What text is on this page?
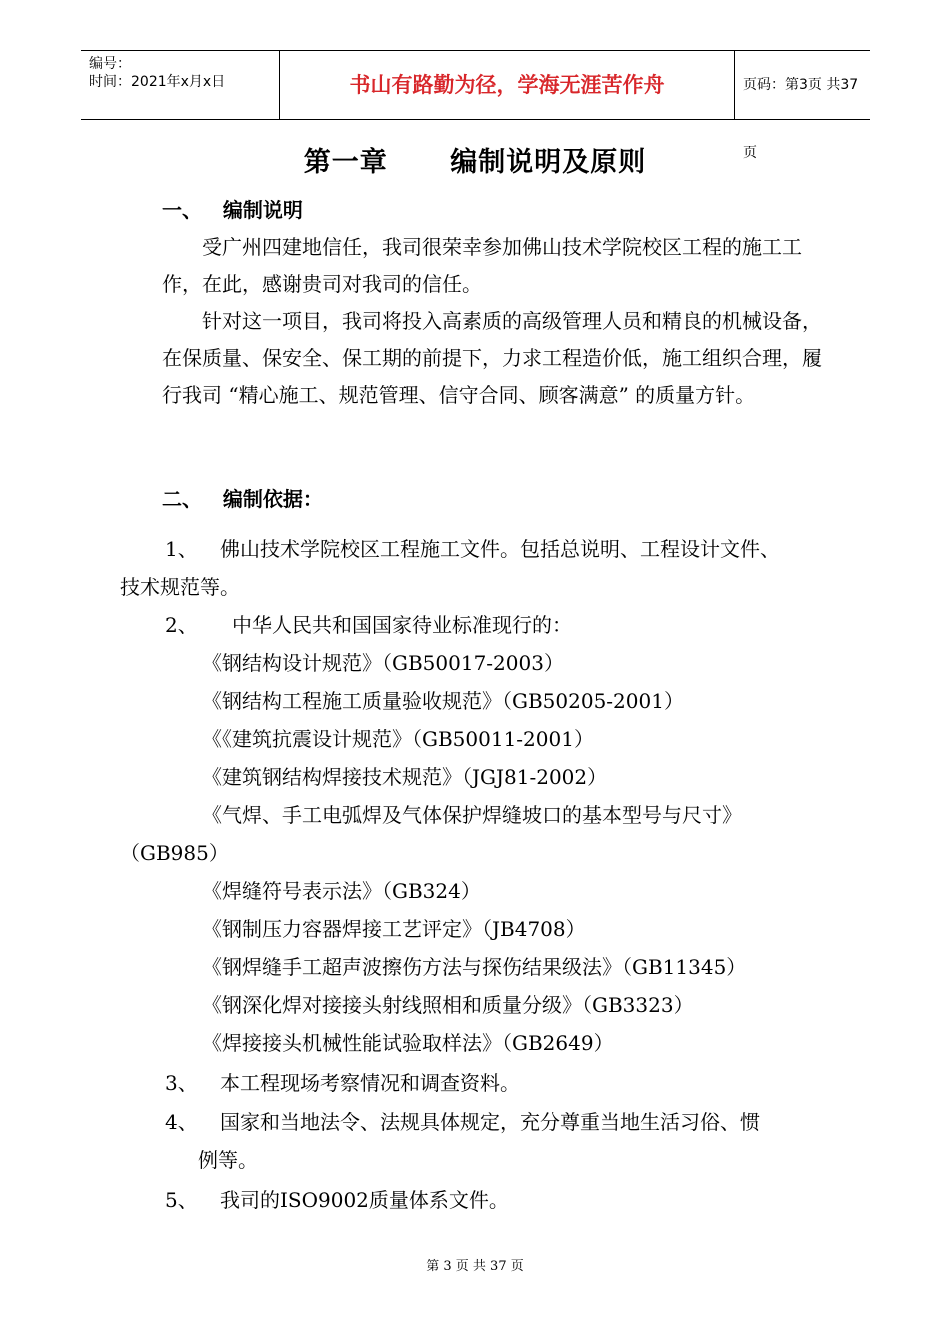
编号：
时间：2021年x月x日	书山有路勤为径，学海无涯苦作舟	页码：第3页 共37页
第一章      编制说明及原则
一、   编制说明
受广州四建地信任，我司很荣幸参加佛山技术学院校区工程的施工工作，在此，感谢贵司对我司的信任。
针对这一项目，我司将投入高素质的高级管理人员和精良的机械设备，在保质量、保安全、保工期的前提下，力求工程造价低，施工组织合理，履行我司 “精心施工、规范管理、信守合同、顾客满意” 的质量方针。
二、   编制依据：
1、 佛山技术学院校区工程施工文件。包括总说明、工程设计文件、
技术规范等。
2、 中华人民共和国国家待业标准现行的：
《钢结构设计规范》（GB50017-2003）
《钢结构工程施工质量验收规范》（GB50205-2001）
《《建筑抗震设计规范》（GB50011-2001）
《建筑钢结构焊接技术规范》（JGJ81-2002）
《气焊、手工电弧焊及气体保护焊缝坡口的基本型号与尺寸》
（GB985）
《焊缝符号表示法》（GB324）
《钢制压力容器焊接工艺评定》（JB4708）
《钢焊缝手工超声波擦伤方法与探伤结果级法》（GB11345）
《钢深化焊对接接头射线照相和质量分级》（GB3323）
《焊接接头机械性能试验取样法》（GB2649）
3、 本工程现场考察情况和调查资料。
4、 国家和当地法令、法规具体规定，充分尊重当地生活习俗、惯
例等。
5、 我司的ISO9002质量体系文件。
第 3 页 共 37 页
